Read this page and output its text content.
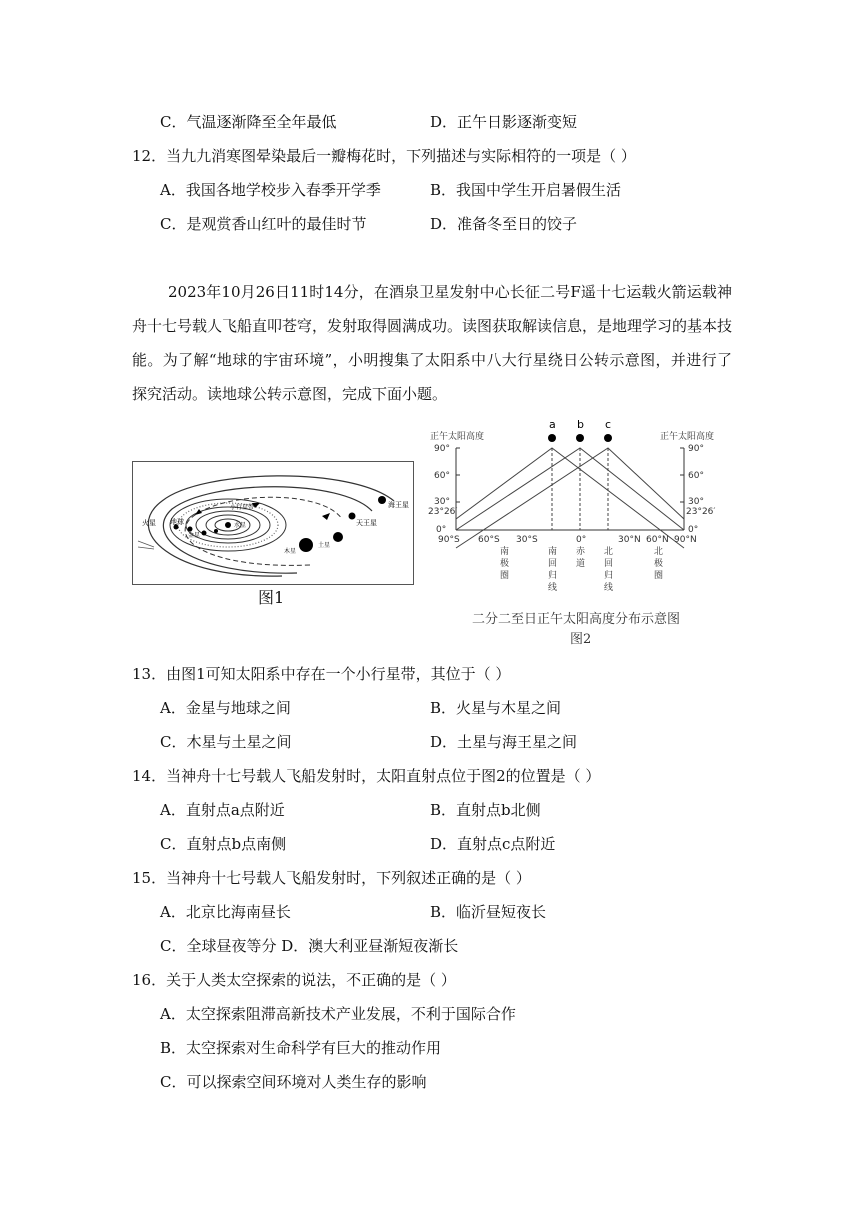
C．气温逐渐降至全年最低	D．正午日影逐渐变短
12．当九九消寒图晕染最后一瓣梅花时，下列描述与实际相符的一项是（ ）
A．我国各地学校步入春季开学季	B．我国中学生开启暑假生活
C．是观赏香山红叶的最佳时节	D．准备冬至日的饺子
2023年10月26日11时14分，在酒泉卫星发射中心长征二号F遥十七运载火箭运载神舟十七号载人飞船直叩苍穹，发射取得圆满成功。读图获取解读信息，是地理学习的基本技能。为了解“地球的宇宙环境”，小明搜集了太阳系中八大行星绕日公转示意图，并进行了探究活动。读地球公转示意图，完成下面小题。
海王星
天王星
土星
木星
火星 地球
金星
小行星带
水星
图1
正午太阳高度	正午太阳高度
90°
60°
30°
23°26′
0°
90°
60°
30°
23°26′
0°
a b c
90°S 60°S 30°S	0°	30°N 60°N 90°N
南
极
圈
南
回
归
线
赤
道
北
回
归
线
北
极
圈
二分二至日正午太阳高度分布示意图
图2
13．由图1可知太阳系中存在一个小行星带，其位于（ ）
A．金星与地球之间	B．火星与木星之间
C．木星与土星之间	D．土星与海王星之间
14．当神舟十七号载人飞船发射时，太阳直射点位于图2的位置是（ ）
A．直射点a点附近	B．直射点b北侧
C．直射点b点南侧	D．直射点c点附近
15．当神舟十七号载人飞船发射时，下列叙述正确的是（ ）
A．北京比海南昼长	B．临沂昼短夜长
C．全球昼夜等分 D．澳大利亚昼渐短夜渐长
16．关于人类太空探索的说法，不正确的是（ ）
A．太空探索阻滞高新技术产业发展，不利于国际合作
B．太空探索对生命科学有巨大的推动作用
C．可以探索空间环境对人类生存的影响
